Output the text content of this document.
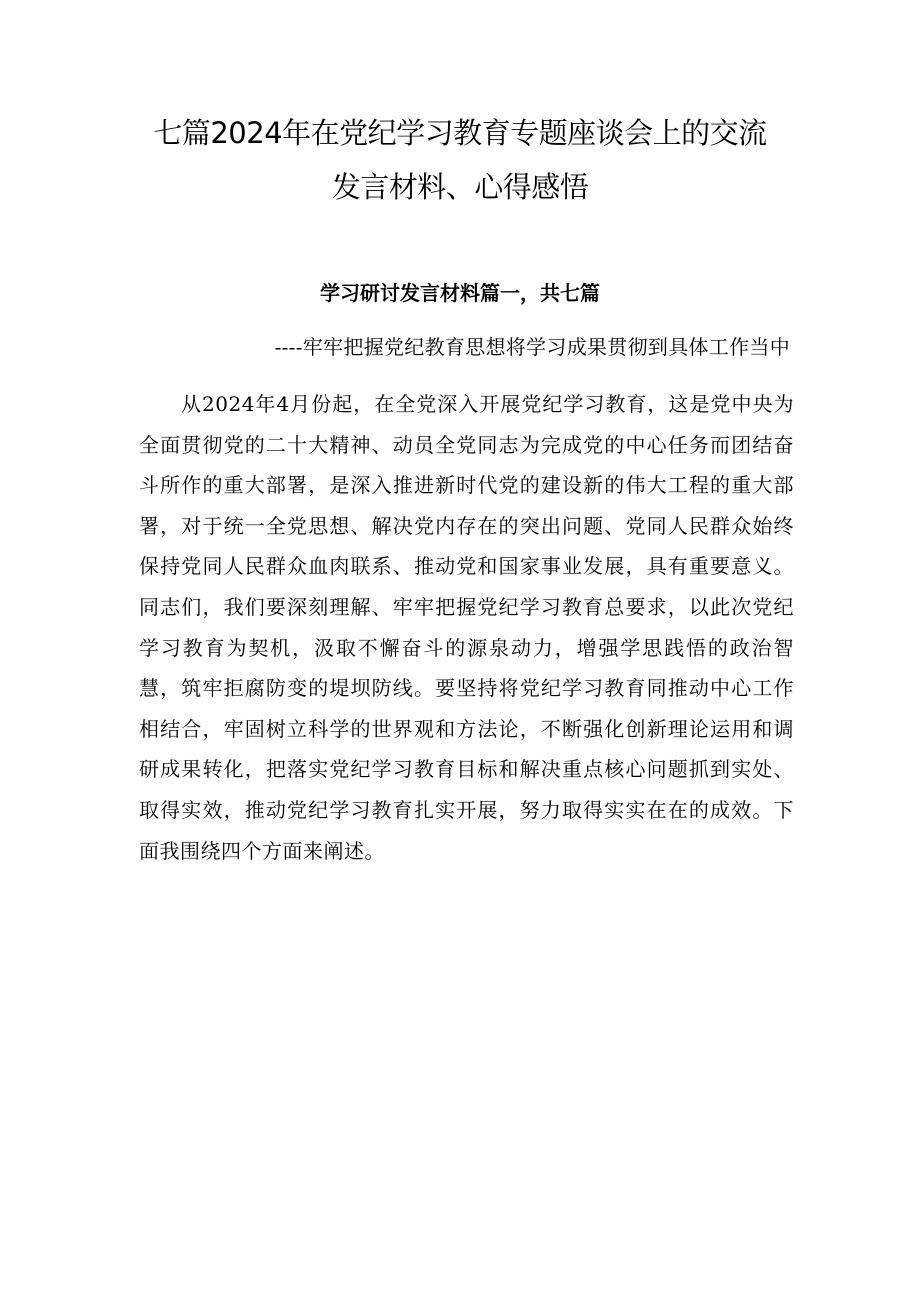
七篇2024年在党纪学习教育专题座谈会上的交流
发言材料、心得感悟
学习研讨发言材料篇一，共七篇
----牢牢把握党纪教育思想将学习成果贯彻到具体工作当中

从2024年4月份起，在全党深入开展党纪学习教育，这是党中央为全面贯彻党的二十大精神、动员全党同志为完成党的中心任务而团结奋斗所作的重大部署，是深入推进新时代党的建设新的伟大工程的重大部署，对于统一全党思想、解决党内存在的突出问题、党同人民群众始终保持党同人民群众血肉联系、推动党和国家事业发展，具有重要意义。同志们，我们要深刻理解、牢牢把握党纪学习教育总要求，以此次党纪学习教育为契机，汲取不懈奋斗的源泉动力，增强学思践悟的政治智慧，筑牢拒腐防变的堤坝防线。要坚持将党纪学习教育同推动中心工作相结合，牢固树立科学的世界观和方法论，不断强化创新理论运用和调研成果转化，把落实党纪学习教育目标和解决重点核心问题抓到实处、取得实效，推动党纪学习教育扎实开展，努力取得实实在在的成效。下面我围绕四个方面来阐述。
